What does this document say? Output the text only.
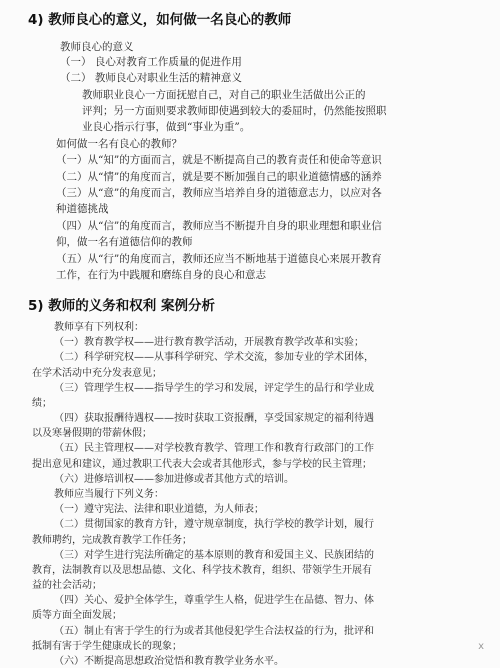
4) 教师良心的意义，如何做一名良心的教师
教师良心的意义
（一） 良心对教育工作质量的促进作用
（二） 教师良心对职业生活的精神意义
教师职业良心一方面抚慰自己，对自己的职业生活做出公正的
评判；另一方面则要求教师即使遇到较大的委屈时，仍然能按照职
业良心指示行事，做到“事业为重”。
如何做一名有良心的教师？
（一）从“知”的方面而言，就是不断提高自己的教育责任和使命等意识
（二）从“情”的角度而言，就是要不断加强自己的职业道德情感的涵养
（三）从“意”的角度而言，教师应当培养自身的道德意志力，以应对各
种道德挑战
（四）从“信”的角度而言，教师应当不断提升自身的职业理想和职业信
仰，做一名有道德信仰的教师
（五）从“行”的角度而言，教师还应当不断地基于道德良心来展开教育
工作，在行为中践履和磨练自身的良心和意志
5) 教师的义务和权利 案例分析
教师享有下列权利：
（一）教育教学权——进行教育教学活动，开展教育教学改革和实验；
（二）科学研究权——从事科学研究、学术交流，参加专业的学术团体，
在学术活动中充分发表意见；
（三）管理学生权——指导学生的学习和发展，评定学生的品行和学业成
绩；
（四）获取报酬待遇权——按时获取工资报酬，享受国家规定的福利待遇
以及寒暑假期的带薪休假；
（五）民主管理权——对学校教育教学、管理工作和教育行政部门的工作
提出意见和建议，通过教职工代表大会或者其他形式，参与学校的民主管理；
（六）进修培训权——参加进修或者其他方式的培训。
教师应当履行下列义务：
（一）遵守宪法、法律和职业道德，为人师表；
（二）贯彻国家的教育方针，遵守规章制度，执行学校的教学计划，履行
教师聘约，完成教育教学工作任务；
（三）对学生进行宪法所确定的基本原则的教育和爱国主义、民族团结的
教育，法制教育以及思想品德、文化、科学技术教育，组织、带领学生开展有
益的社会活动；
（四）关心、爱护全体学生，尊重学生人格，促进学生在品德、智力、体
质等方面全面发展；
（五）制止有害于学生的行为或者其他侵犯学生合法权益的行为，批评和
抵制有害于学生健康成长的现象；
（六）不断提高思想政治觉悟和教育教学业务水平。
x
